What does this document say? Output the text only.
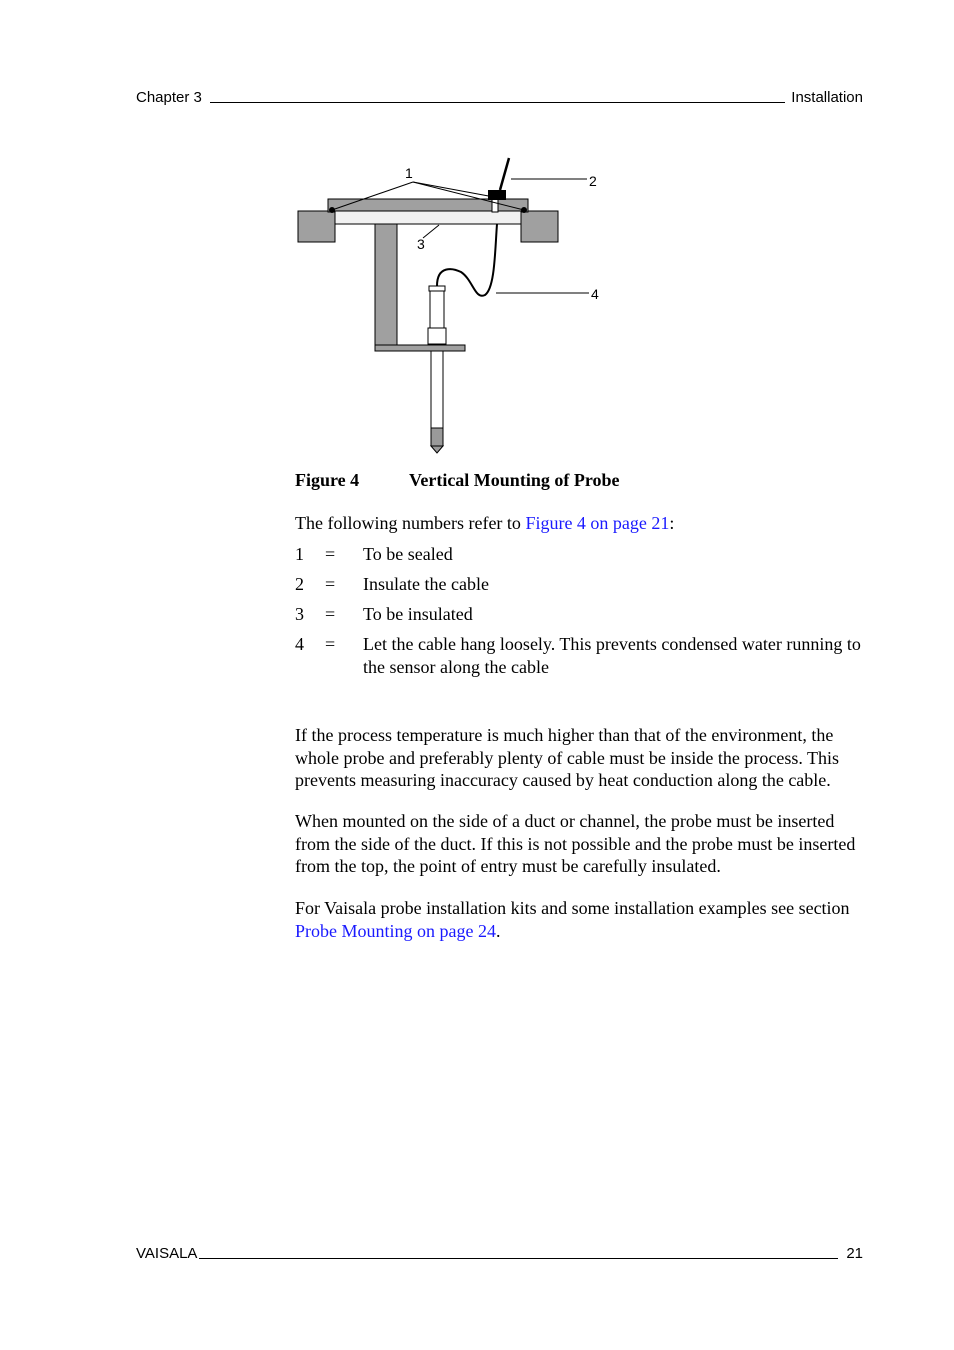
Chapter 3	Installation
1	2
3
4
Figure 4	Vertical Mounting of Probe
The following numbers refer to Figure 4 on page 21:
1	=	To be sealed
2	=	Insulate the cable
3	=	To be insulated
4	=	Let the cable hang loosely. This prevents condensed water running to the sensor along the cable

If the process temperature is much higher than that of the environment, the whole probe and preferably plenty of cable must be inside the process. This prevents measuring inaccuracy caused by heat conduction along the cable.

When mounted on the side of a duct or channel, the probe must be inserted from the side of the duct. If this is not possible and the probe must be inserted from the top, the point of entry must be carefully insulated.

For Vaisala probe installation kits and some installation examples see section Probe Mounting on page 24.

VAISALA	21
